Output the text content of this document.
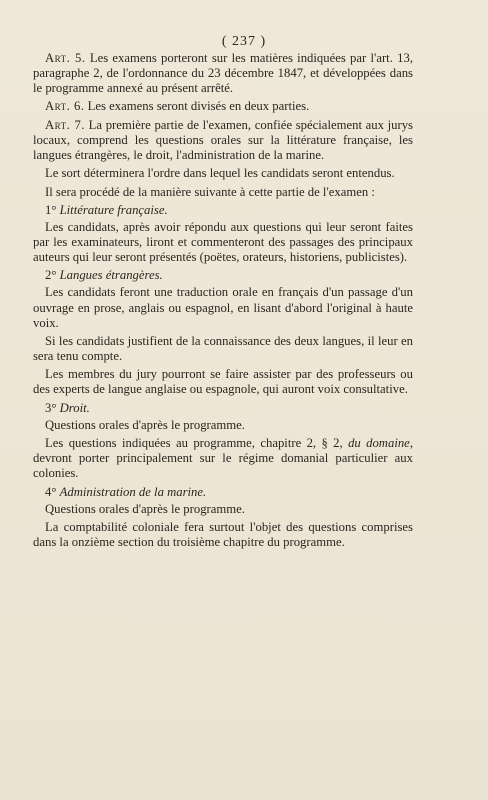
( 237 )

Art. 5. Les examens porteront sur les matières indiquées par l'art. 13, paragraphe 2, de l'ordonnance du 23 décembre 1847, et développées dans le programme annexé au présent arrêté.

Art. 6. Les examens seront divisés en deux parties.

Art. 7. La première partie de l'examen, confiée spécialement aux jurys locaux, comprend les questions orales sur la littérature française, les langues étrangères, le droit, l'administration de la marine.

Le sort déterminera l'ordre dans lequel les candidats seront entendus.

Il sera procédé de la manière suivante à cette partie de l'examen :

1° Littérature française.

Les candidats, après avoir répondu aux questions qui leur seront faites par les examinateurs, liront et commenteront des passages des principaux auteurs qui leur seront présentés (poëtes, orateurs, historiens, publicistes).

2° Langues étrangères.

Les candidats feront une traduction orale en français d'un passage d'un ouvrage en prose, anglais ou espagnol, en lisant d'abord l'original à haute voix.

Si les candidats justifient de la connaissance des deux langues, il leur en sera tenu compte.

Les membres du jury pourront se faire assister par des professeurs ou des experts de langue anglaise ou espagnole, qui auront voix consultative.

3° Droit.

Questions orales d'après le programme.

Les questions indiquées au programme, chapitre 2, § 2, du domaine, devront porter principalement sur le régime domanial particulier aux colonies.

4° Administration de la marine.

Questions orales d'après le programme.

La comptabilité coloniale fera surtout l'objet des questions comprises dans la onzième section du troisième chapitre du programme.
